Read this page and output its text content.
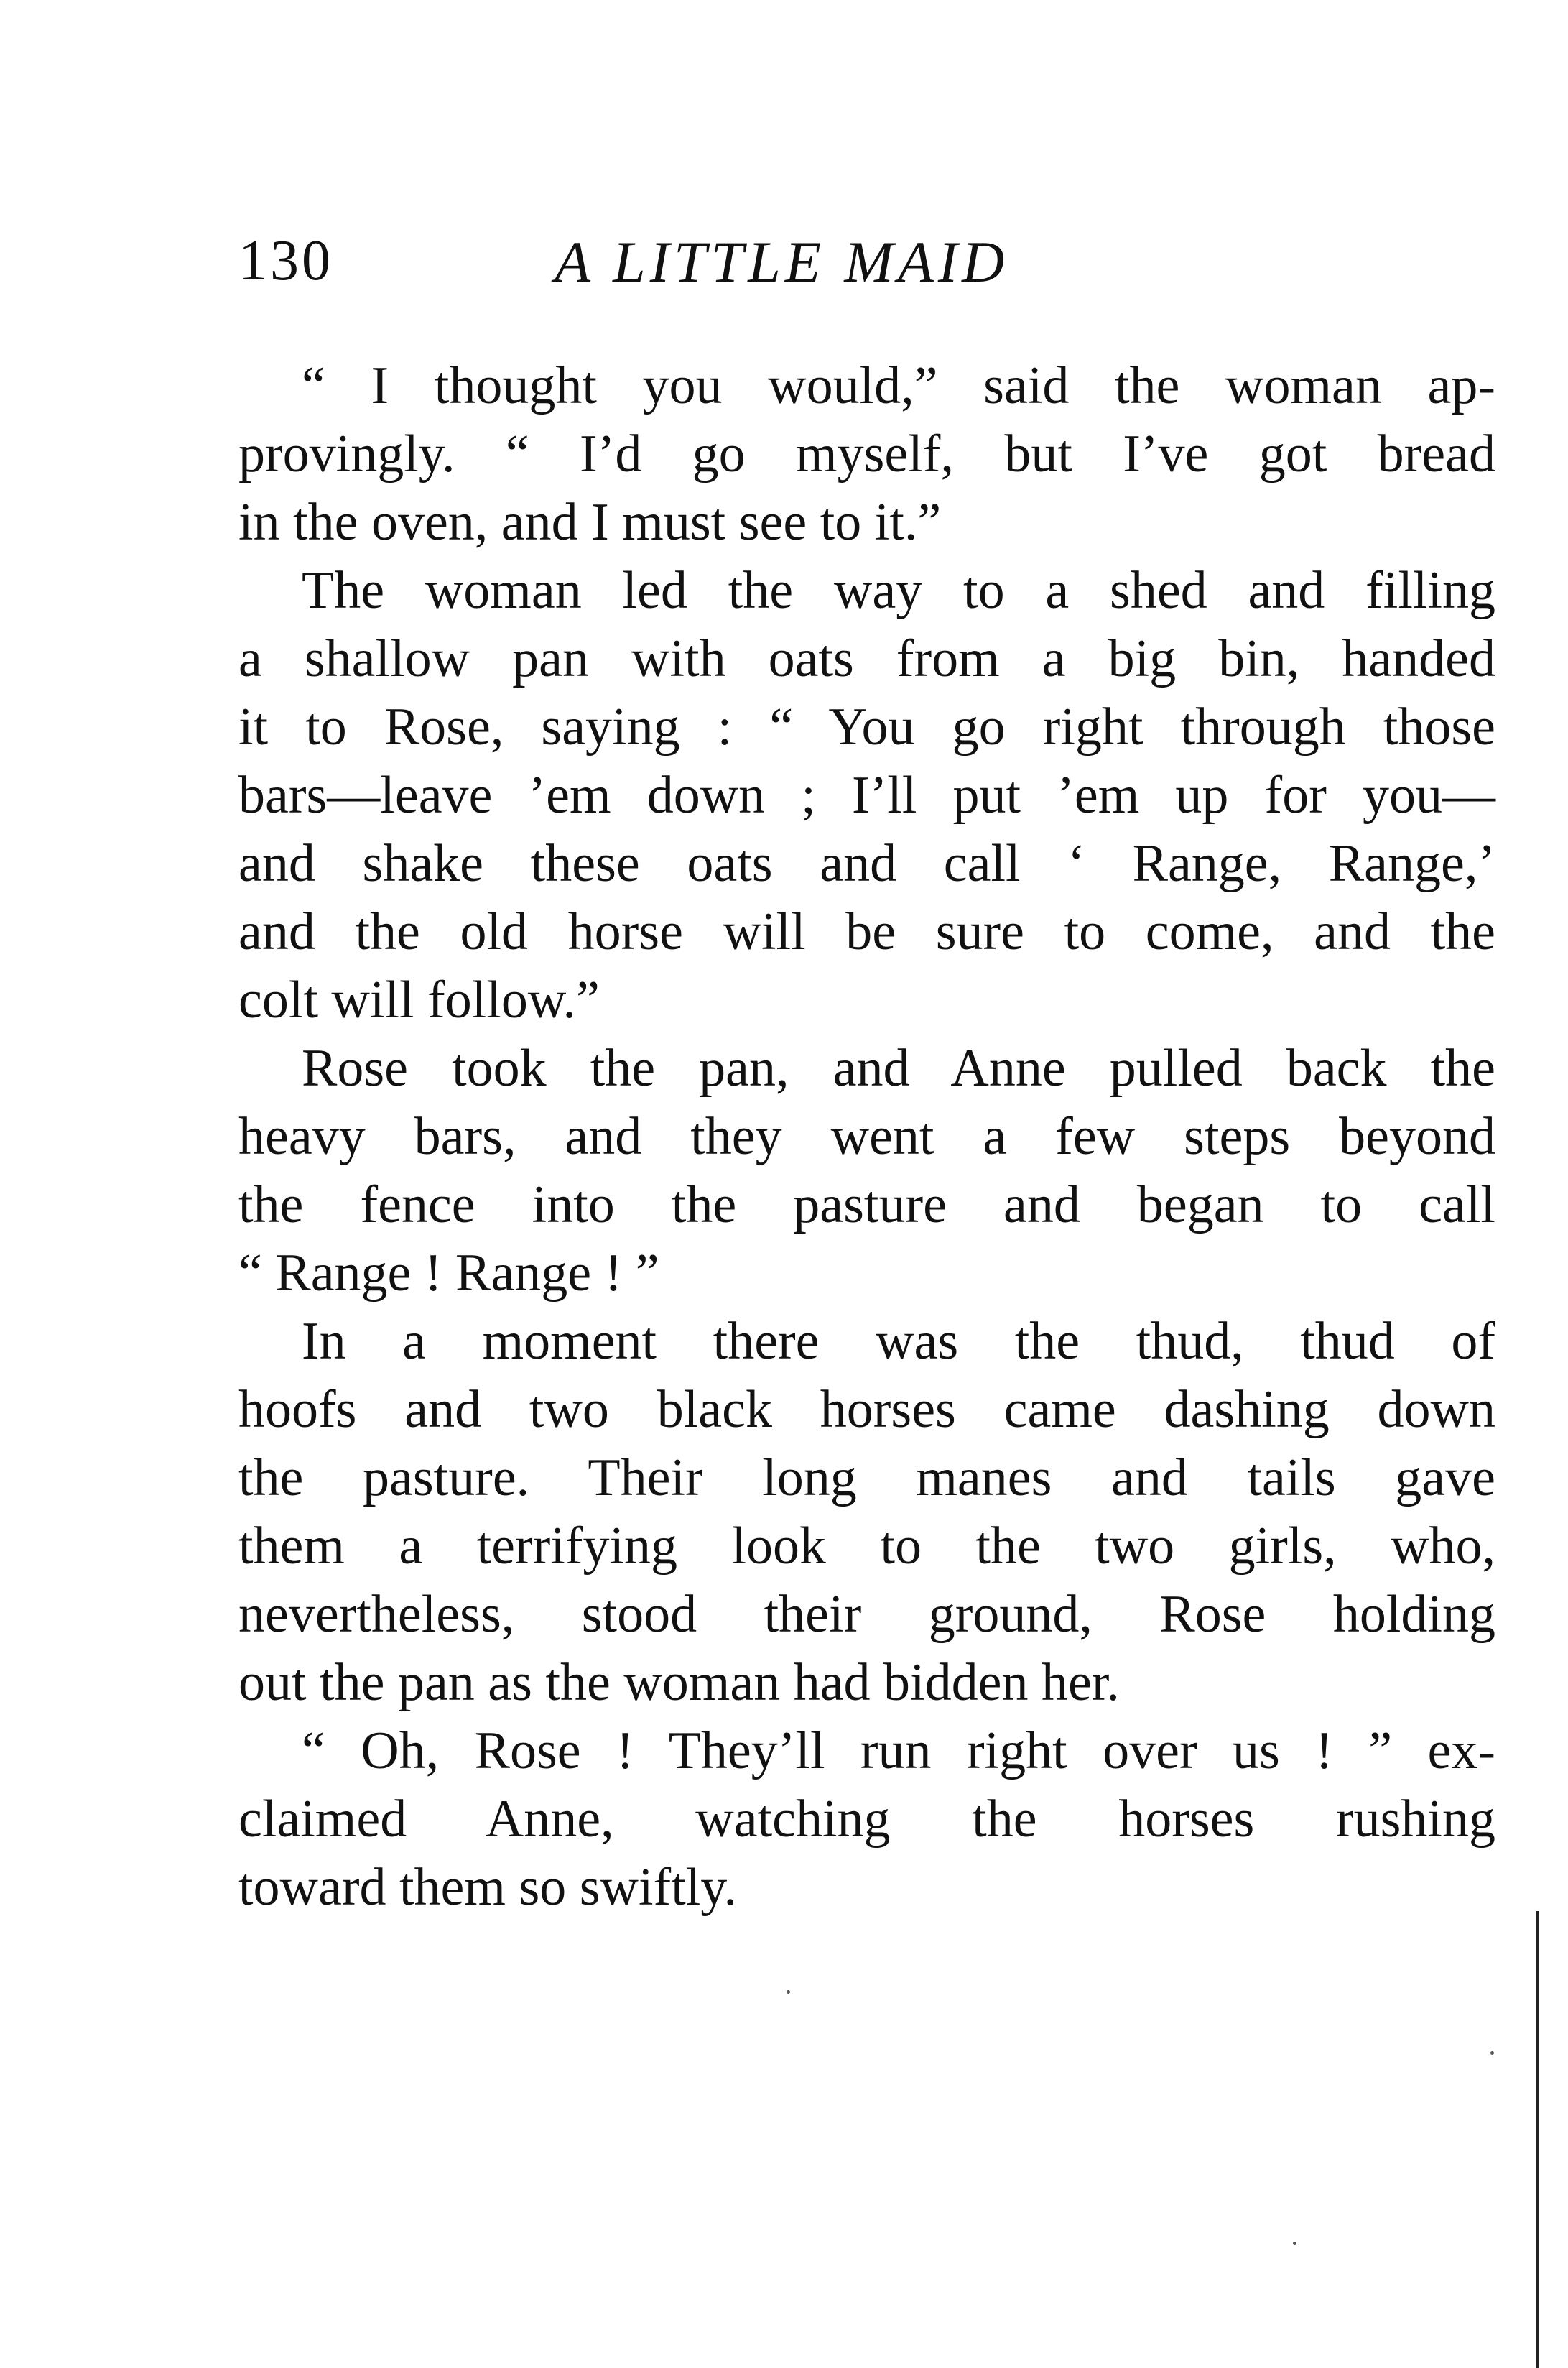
130	A LITTLE MAID
“ I thought you would,” said the woman ap-
provingly. “ I’d go myself, but I’ve got bread
in the oven, and I must see to it.”
The woman led the way to a shed and filling
a shallow pan with oats from a big bin, handed
it to Rose, saying : “ You go right through those
bars—leave ’em down ; I’ll put ’em up for you—
and shake these oats and call ‘ Range, Range,’
and the old horse will be sure to come, and the
colt will follow.”
Rose took the pan, and Anne pulled back the
heavy bars, and they went a few steps beyond
the fence into the pasture and began to call
“ Range ! Range ! ”
In a moment there was the thud, thud of
hoofs and two black horses came dashing down
the pasture. Their long manes and tails gave
them a terrifying look to the two girls, who,
nevertheless, stood their ground, Rose holding
out the pan as the woman had bidden her.
“ Oh, Rose ! They’ll run right over us ! ” ex-
claimed Anne, watching the horses rushing
toward them so swiftly.
